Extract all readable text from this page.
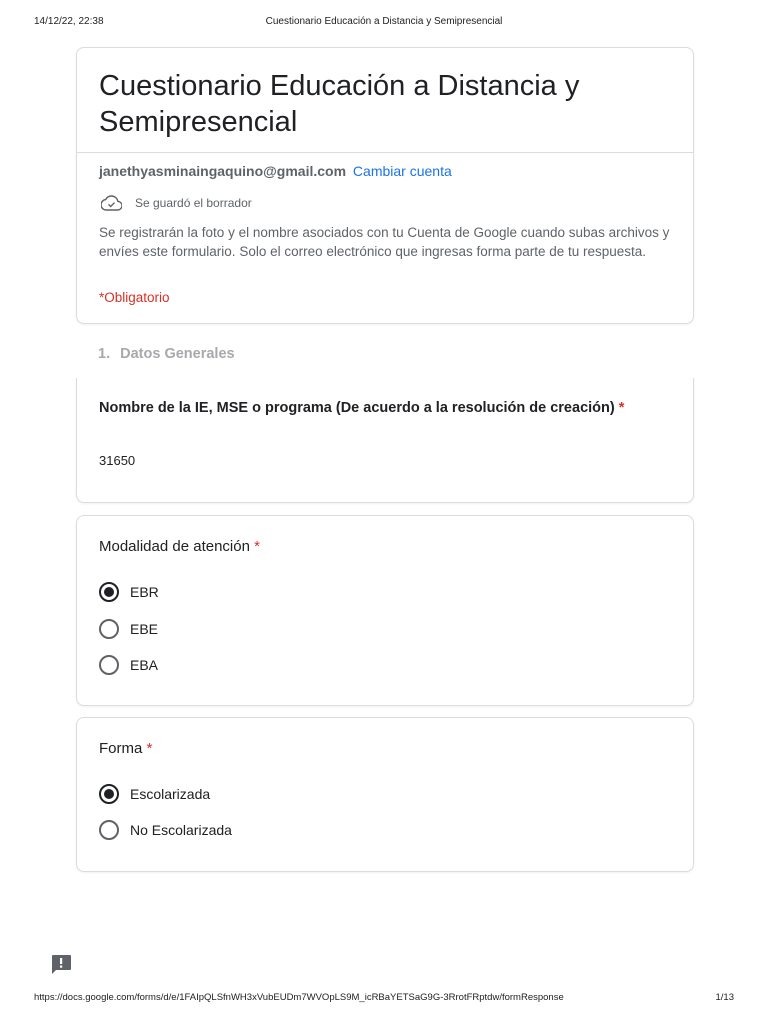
14/12/22, 22:38	Cuestionario Educación a Distancia y Semipresencial
Cuestionario Educación a Distancia y Semipresencial
janethyasminaingaquino@gmail.com Cambiar cuenta
Se guardó el borrador
Se registrarán la foto y el nombre asociados con tu Cuenta de Google cuando subas archivos y envíes este formulario. Solo el correo electrónico que ingresas forma parte de tu respuesta.
*Obligatorio
1. Datos Generales
Nombre de la IE, MSE o programa (De acuerdo a la resolución de creación) *
31650
Modalidad de atención *
EBR
EBE
EBA
Forma *
Escolarizada
No Escolarizada
https://docs.google.com/forms/d/e/1FAIpQLSfnWH3xVubEUDm7WVOpLS9M_icRBaYETSaG9G-3RrotFRptdw/formResponse	1/13
